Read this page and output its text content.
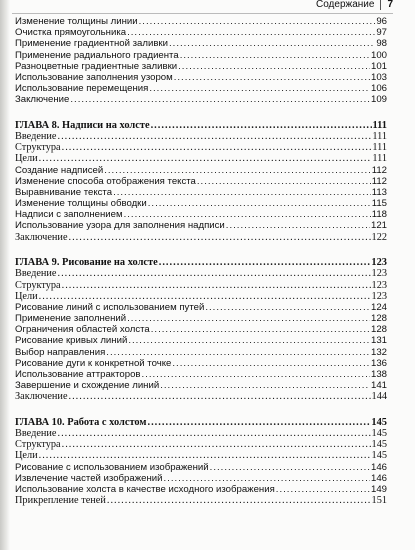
Содержание 7
Изменение толщины линии .....	96
Очистка прямоугольника .....	97
Применение градиентной заливки .....	98
Применение радиального градиента .....	100
Разноцветные градиентные заливки .....	101
Использование заполнения узором .....	103
Использование перемещения .....	106
Заключение .....	109
ГЛАВА 8. Надписи на холсте .....	111
Введение .....	111
Структура .....	111
Цели .....	111
Создание надписей .....	112
Изменение способа отображения текста .....	112
Выравнивание текста .....	113
Изменение толщины обводки .....	115
Надписи с заполнением .....	118
Использование узора для заполнения надписи .....	121
Заключение .....	122
ГЛАВА 9. Рисование на холсте .....	123
Введение .....	123
Структура .....	123
Цели .....	123
Рисование линий с использованием путей .....	124
Применение заполнений .....	128
Ограничения областей холста .....	128
Рисование кривых линий .....	131
Выбор направления .....	132
Рисование дуги к конкретной точке .....	136
Использование аттракторов .....	138
Завершение и схождение линий .....	141
Заключение .....	144
ГЛАВА 10. Работа с холстом .....	145
Введение .....	145
Структура .....	145
Цели .....	145
Рисование с использованием изображений .....	146
Извлечение частей изображений .....	146
Использование холста в качестве исходного изображения .....	149
Прикрепление теней .....	151
